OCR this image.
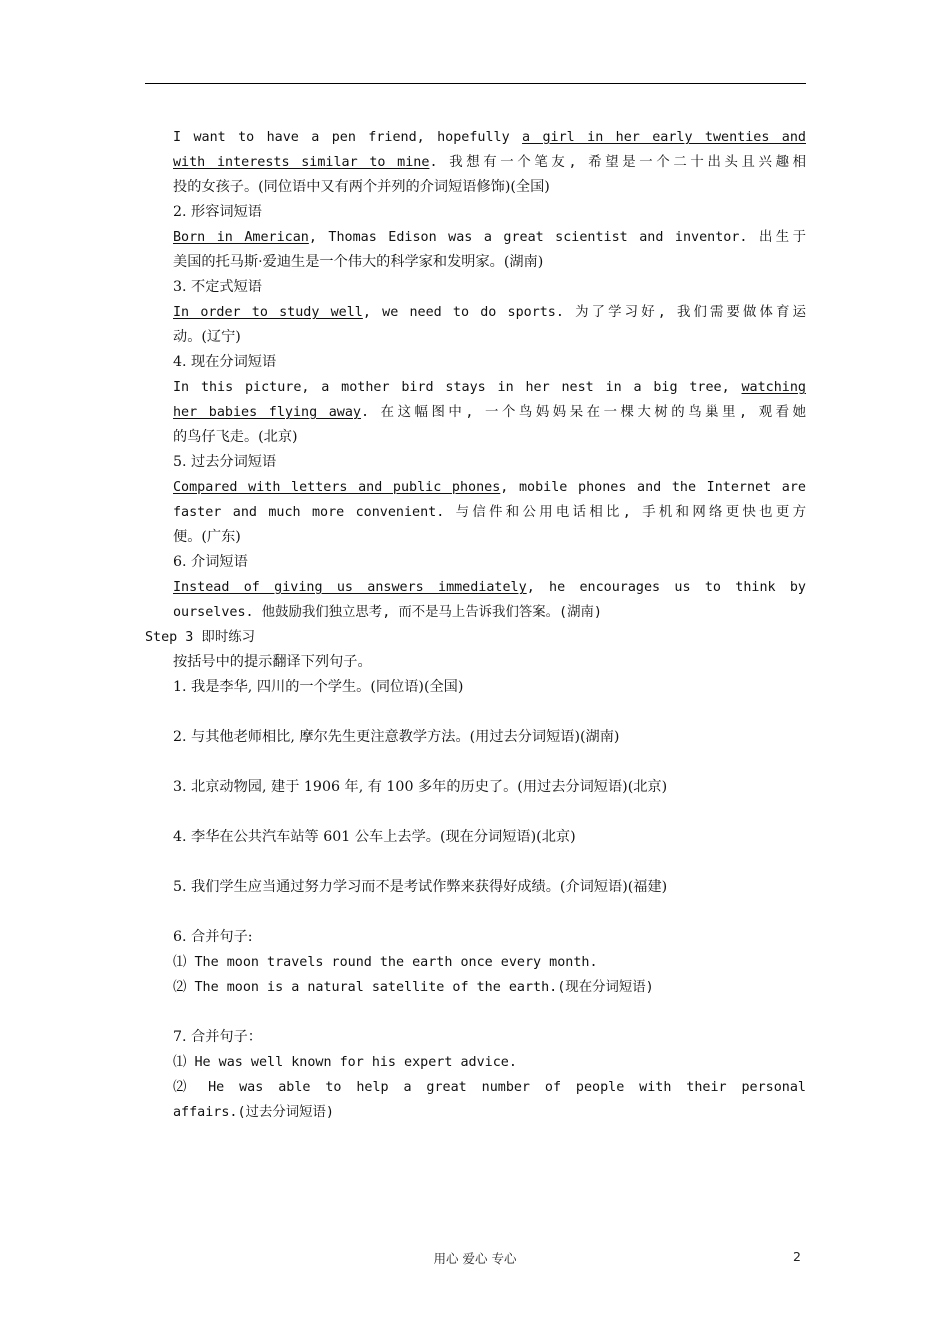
I want to have a pen friend, hopefully a girl in her early twenties and
with interests similar to mine. 我想有一个笔友, 希望是一个二十出头且兴趣相
投的女孩子。(同位语中又有两个并列的介词短语修饰)(全国)
2. 形容词短语
Born in American, Thomas Edison was a great scientist and inventor. 出生于
美国的托马斯·爱迪生是一个伟大的科学家和发明家。(湖南)
3. 不定式短语
In order to study well, we need to do sports. 为了学习好, 我们需要做体育运
动。(辽宁)
4. 现在分词短语
In this picture, a mother bird stays in her nest in a big tree, watching
her babies flying away. 在这幅图中, 一个鸟妈妈呆在一棵大树的鸟巢里, 观看她
的鸟仔飞走。(北京)
5. 过去分词短语
Compared with letters and public phones, mobile phones and the Internet are
faster and much more convenient. 与信件和公用电话相比, 手机和网络更快也更方
便。(广东)
6. 介词短语
Instead of giving us answers immediately, he encourages us to think by
ourselves. 他鼓励我们独立思考, 而不是马上告诉我们答案。(湖南)
Step 3 即时练习
按括号中的提示翻译下列句子。
1. 我是李华, 四川的一个学生。(同位语)(全国)
2. 与其他老师相比, 摩尔先生更注意教学方法。(用过去分词短语)(湖南)
3. 北京动物园, 建于 1906 年, 有 100 多年的历史了。(用过去分词短语)(北京)
4. 李华在公共汽车站等 601 公车上去学。(现在分词短语)(北京)
5. 我们学生应当通过努力学习而不是考试作弊来获得好成绩。(介词短语)(福建)
6. 合并句子:
⑴ The moon travels round the earth once every month.
⑵ The moon is a natural satellite of the earth.(现在分词短语)
7. 合并句子：
⑴ He was well known for his expert advice.
⑵ He was able to help a great number of people with their personal
affairs.(过去分词短语)
用心 爱心 专心	2
